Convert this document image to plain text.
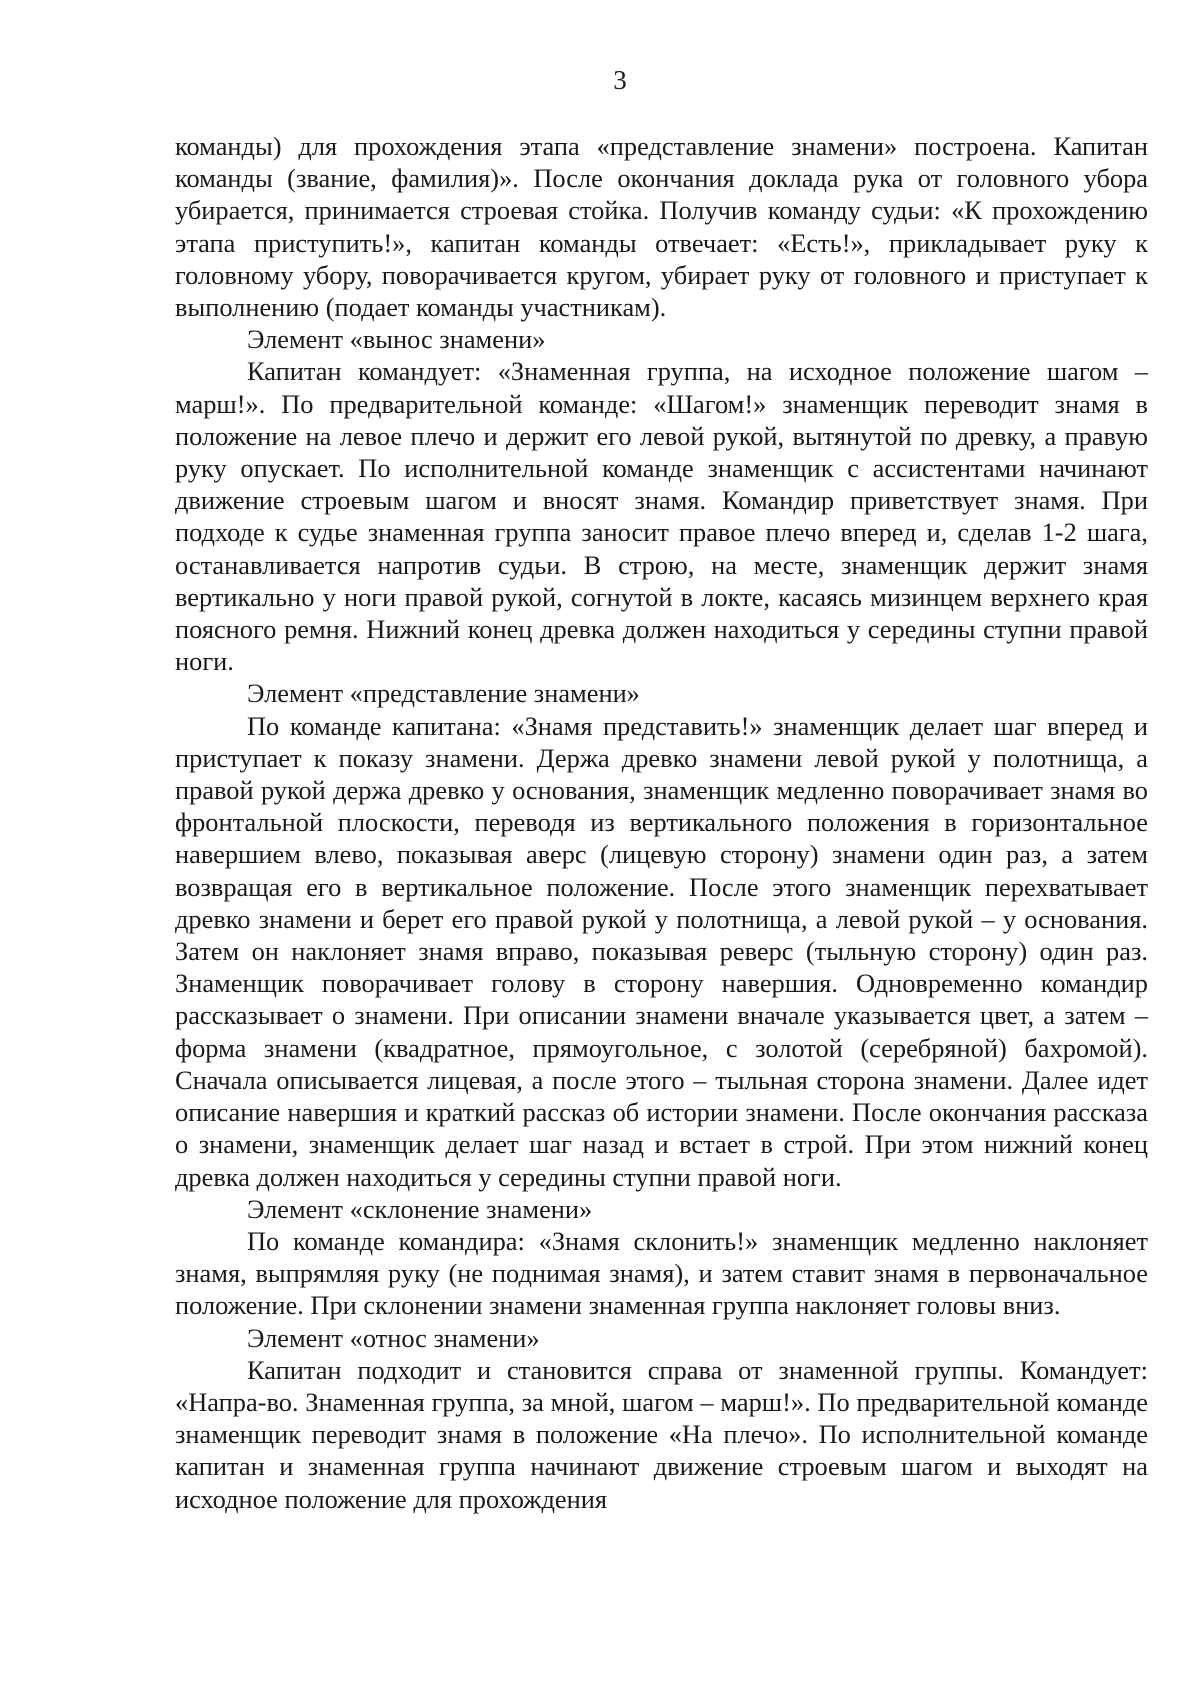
3

команды) для прохождения этапа «представление знамени» построена. Капитан команды (звание, фамилия)». После окончания доклада рука от головного убора убирается, принимается строевая стойка. Получив команду судьи: «К прохождению этапа приступить!», капитан команды отвечает: «Есть!», прикладывает руку к головному убору, поворачивается кругом, убирает руку от головного и приступает к выполнению (подает команды участникам).

Элемент «вынос знамени»

Капитан командует: «Знаменная группа, на исходное положение шагом – марш!». По предварительной команде: «Шагом!» знаменщик переводит знамя в положение на левое плечо и держит его левой рукой, вытянутой по древку, а правую руку опускает. По исполнительной команде знаменщик с ассистентами начинают движение строевым шагом и вносят знамя. Командир приветствует знамя. При подходе к судье знаменная группа заносит правое плечо вперед и, сделав 1-2 шага, останавливается напротив судьи. В строю, на месте, знаменщик держит знамя вертикально у ноги правой рукой, согнутой в локте, касаясь мизинцем верхнего края поясного ремня. Нижний конец древка должен находиться у середины ступни правой ноги.

Элемент «представление знамени»

По команде капитана: «Знамя представить!» знаменщик делает шаг вперед и приступает к показу знамени. Держа древко знамени левой рукой у полотнища, а правой рукой держа древко у основания, знаменщик медленно поворачивает знамя во фронтальной плоскости, переводя из вертикального положения в горизонтальное навершием влево, показывая аверс (лицевую сторону) знамени один раз, а затем возвращая его в вертикальное положение. После этого знаменщик перехватывает древко знамени и берет его правой рукой у полотнища, а левой рукой – у основания. Затем он наклоняет знамя вправо, показывая реверс (тыльную сторону) один раз. Знаменщик поворачивает голову в сторону навершия. Одновременно командир рассказывает о знамени. При описании знамени вначале указывается цвет, а затем – форма знамени (квадратное, прямоугольное, с золотой (серебряной) бахромой). Сначала описывается лицевая, а после этого – тыльная сторона знамени. Далее идет описание навершия и краткий рассказ об истории знамени. После окончания рассказа о знамени, знаменщик делает шаг назад и встает в строй. При этом нижний конец древка должен находиться у середины ступни правой ноги.

Элемент «склонение знамени»

По команде командира: «Знамя склонить!» знаменщик медленно наклоняет знамя, выпрямляя руку (не поднимая знамя), и затем ставит знамя в первоначальное положение. При склонении знамени знаменная группа наклоняет головы вниз.

Элемент «относ знамени»

Капитан подходит и становится справа от знаменной группы. Командует: «Напра-во. Знаменная группа, за мной, шагом – марш!». По предварительной команде знаменщик переводит знамя в положение «На плечо». По исполнительной команде капитан и знаменная группа начинают движение строевым шагом и выходят на исходное положение для прохождения
